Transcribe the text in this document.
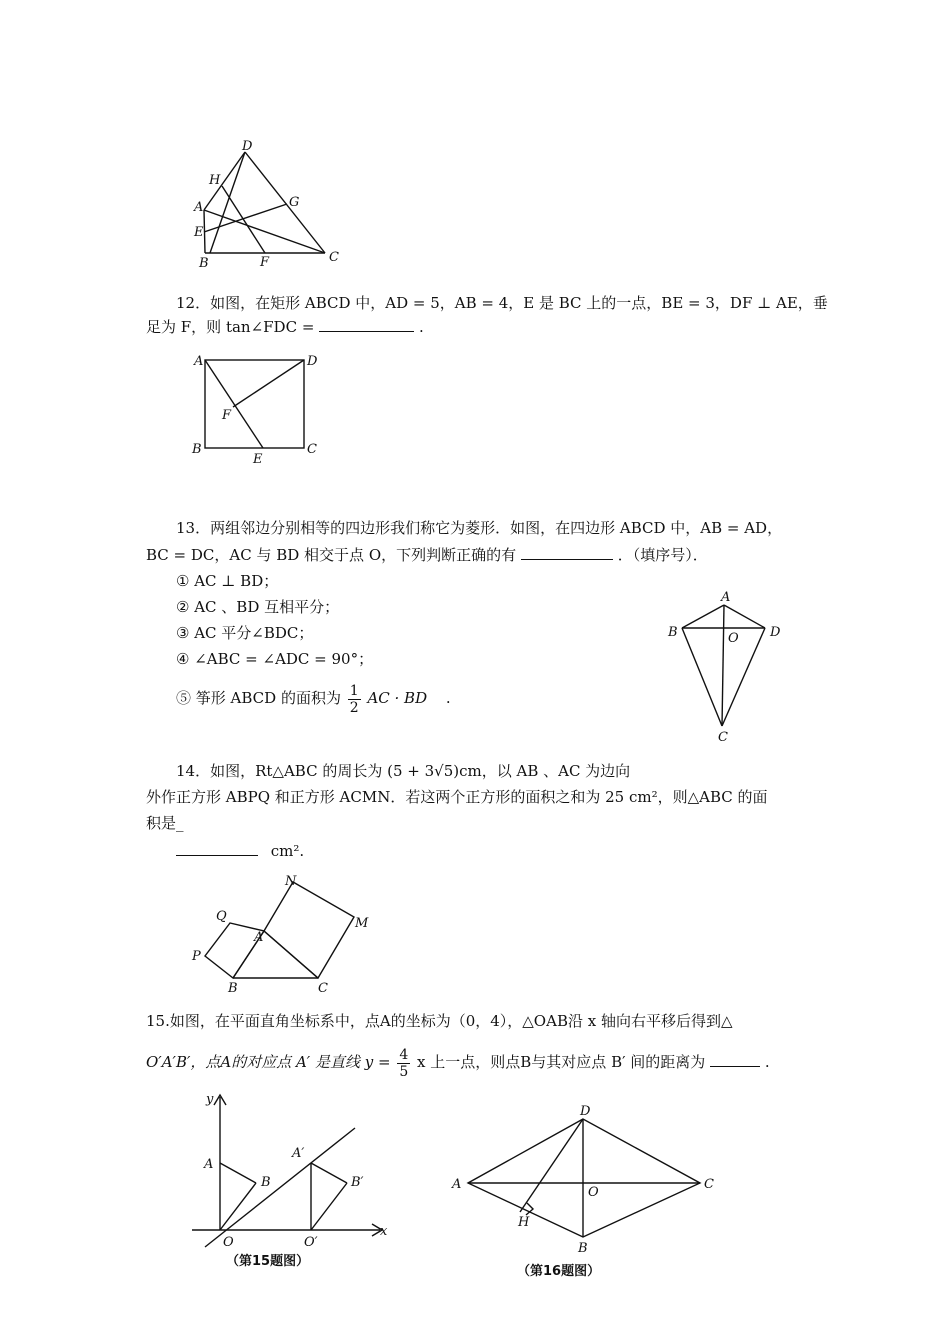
D
H
A	G
E
B	F	C
12．如图，在矩形 ABCD 中，AD = 5，AB = 4，E 是 BC 上的一点，BE = 3，DF ⊥ AE，垂
足为 F，则 tan∠FDC =	.
A	D
F
B
E
C
13．两组邻边分别相等的四边形我们称它为菱形．如图，在四边形 ABCD 中，AB = AD，
BC = DC，AC 与 BD 相交于点 O，下列判断正确的有	．（填序号）．
① AC ⊥ BD；
② AC 、BD 互相平分；
③ AC 平分∠BDC；
④ ∠ABC = ∠ADC = 90°；
⑤ 筝形 ABCD 的面积为 $\frac{1}{2}$ AC · BD .
A
B	O D
C
14．如图，Rt△ABC 的周长为 (5 + 3√5)cm，以 AB 、AC 为边向
外作正方形 ABPQ 和正方形 ACMN．若这两个正方形的面积之和为 25 cm²，则△ABC 的面
积是_
cm².
N
M
Q
A
P
B	C
15.如图，在平面直角坐标系中，点A的坐标为（0，4），△OAB沿 x 轴向右平移后得到△
O′A′B′，点A的对应点 A′ 是直线 $y = \frac{4}{5}$ x 上一点，则点B与其对应点 B′ 间的距离为	.
y
A
B
A′
B′
O	O′
x
（第15题图）
D
A
O
C
H
B
（第16题图）
